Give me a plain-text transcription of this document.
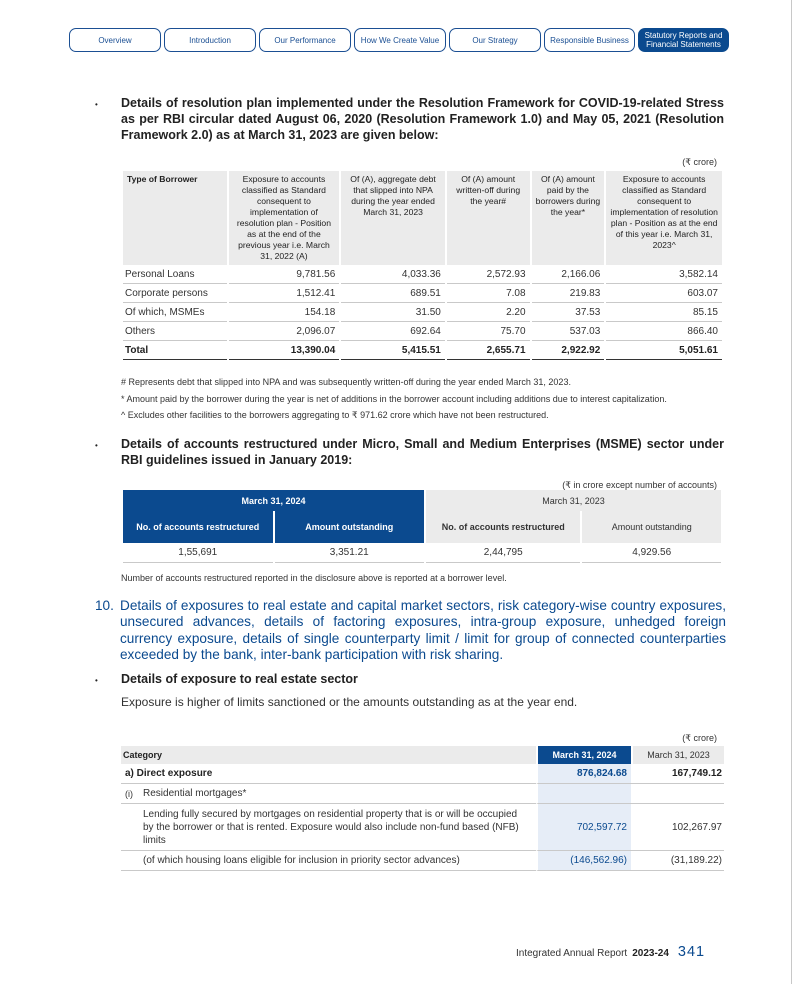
Overview	Introduction	Our Performance	How We Create Value	Our Strategy	Responsible Business	Statutory Reports and Financial Statements
• Details of resolution plan implemented under the Resolution Framework for COVID-19-related Stress as per RBI circular dated August 06, 2020 (Resolution Framework 1.0) and May 05, 2021 (Resolution Framework 2.0) as at March 31, 2023 are given below:
(₹ crore)
Type of Borrower	Exposure to accounts classified as Standard consequent to implementation of resolution plan - Position as at the end of the previous year i.e. March 31, 2022 (A)	Of (A), aggregate debt that slipped into NPA during the year ended March 31, 2023	Of (A) amount written-off during the year#	Of (A) amount paid by the borrowers during the year*	Exposure to accounts classified as Standard consequent to implementation of resolution plan - Position as at the end of this year i.e. March 31, 2023^
Personal Loans	9,781.56	4,033.36	2,572.93	2,166.06	3,582.14
Corporate persons	1,512.41	689.51	7.08	219.83	603.07
Of which, MSMEs	154.18	31.50	2.20	37.53	85.15
Others	2,096.07	692.64	75.70	537.03	866.40
Total	13,390.04	5,415.51	2,655.71	2,922.92	5,051.61
# Represents debt that slipped into NPA and was subsequently written-off during the year ended March 31, 2023.
* Amount paid by the borrower during the year is net of additions in the borrower account including additions due to interest capitalization.
^ Excludes other facilities to the borrowers aggregating to ₹ 971.62 crore which have not been restructured.
• Details of accounts restructured under Micro, Small and Medium Enterprises (MSME) sector under RBI guidelines issued in January 2019:
(₹ in crore except number of accounts)
March 31, 2024		March 31, 2023	
No. of accounts restructured	Amount outstanding	No. of accounts restructured	Amount outstanding
1,55,691	3,351.21	2,44,795	4,929.56
Number of accounts restructured reported in the disclosure above is reported at a borrower level.
10. Details of exposures to real estate and capital market sectors, risk category-wise country exposures, unsecured advances, details of factoring exposures, intra-group exposure, unhedged foreign currency exposure, details of single counterparty limit / limit for group of connected counterparties exceeded by the bank, inter-bank participation with risk sharing.
• Details of exposure to real estate sector
Exposure is higher of limits sanctioned or the amounts outstanding as at the year end.
(₹ crore)
Category		March 31, 2024	March 31, 2023
a) Direct exposure		876,824.68	167,749.12
(i)	Residential mortgages*		
	Lending fully secured by mortgages on residential property that is or will be occupied by the borrower or that is rented. Exposure would also include non-fund based (NFB) limits	702,597.72	102,267.97
	(of which housing loans eligible for inclusion in priority sector advances)	(146,562.96)	(31,189.22)
Integrated Annual Report 2023-24 341
